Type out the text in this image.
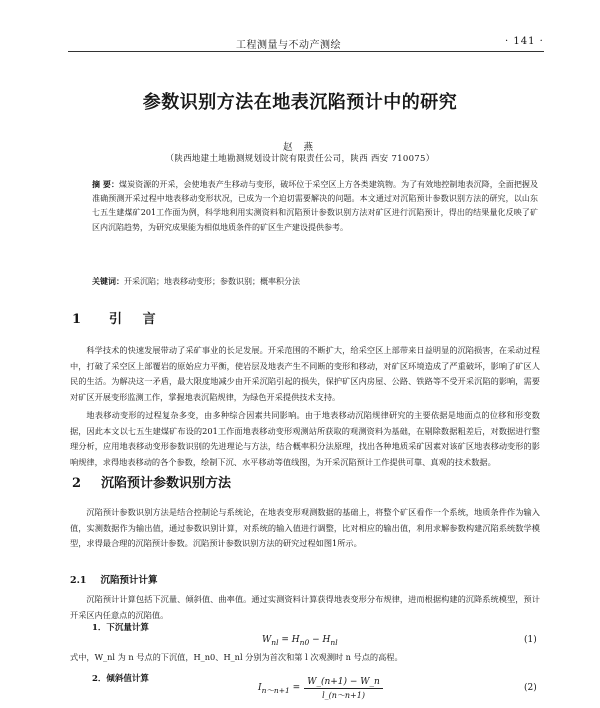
工程测量与不动产测绘	· 141 ·
参数识别方法在地表沉陷预计中的研究
赵 燕
（陕西地建土地勘测规划设计院有限责任公司，陕西 西安 710075）
摘 要：煤炭资源的开采，会使地表产生移动与变形，破坏位于采空区上方各类建筑物。为了有效地控制地表沉降，全面把握及准确预测开采过程中地表移动变形状况，已成为一个迫切需要解决的问题。本文通过对沉陷预计参数识别方法的研究，以山东七五生建煤矿201工作面为例，科学地利用实测资料和沉陷预计参数识别方法对矿区进行沉陷预计，得出的结果量化反映了矿区内沉陷趋势，为研究成果能为相似地质条件的矿区生产建设提供参考。
关键词：开采沉陷；地表移动变形；参数识别；概率积分法
1 引 言
科学技术的快速发展带动了采矿事业的长足发展。开采范围的不断扩大，给采空区上部带来日益明显的沉陷损害，在采动过程中，打破了采空区上部覆岩的原始应力平衡，使岩层及地表产生不同断的变形和移动，对矿区环境造成了严重破坏，影响了矿区人民的生活。为解决这一矛盾，最大限度地减少由开采沉陷引起的损失，保护矿区内房屋、公路、铁路等不受开采沉陷的影响，需要对矿区开展变形监测工作，掌握地表沉陷规律，为绿色开采提供技术支持。
地表移动变形的过程复杂多变，由多种综合因素共同影响。由于地表移动沉陷规律研究的主要依据是地面点的位移和形变数据，因此本文以七五生建煤矿布设的201工作面地表移动变形观测站所获取的观测资料为基础，在剔除数据粗差后，对数据进行整理分析，应用地表移动变形参数识别的先进理论与方法，结合概率积分法原理，找出各种地质采矿因素对该矿区地表移动变形的影响规律，求得地表移动的各个参数，绘制下沉、水平移动等值线图，为开采沉陷预计工作提供可靠、真观的技术数据。
2 沉陷预计参数识别方法
沉陷预计参数识别方法是结合控制论与系统论，在地表变形观测数据的基础上，将整个矿区看作一个系统，地质条件作为输入值，实测数据作为输出值，通过参数识别计算，对系统的输入值进行调整，比对相应的输出值，利用求解参数构建沉陷系统数学模型，求得最合理的沉陷预计参数。沉陷预计参数识别方法的研究过程如图1所示。
2.1 沉陷预计计算
沉陷预计计算包括下沉量、倾斜值、曲率值。通过实测资料计算获得地表变形分布规律，进而根据构建的沉降系统模型，预计开采区内任意点的沉陷值。
1．下沉量计算
$W_{nl} = H_{n0} - H_{nl}$	(1)
式中，W_nl 为 n 号点的下沉值，H_n0、H_nl 分别为首次和第 l 次观测时 n 号点的高程。
2．倾斜值计算
$I_{n\sim n+1} = \frac{W\_(n+1) - W\_n}{l\_(n\sim n+1)}$	(2)
